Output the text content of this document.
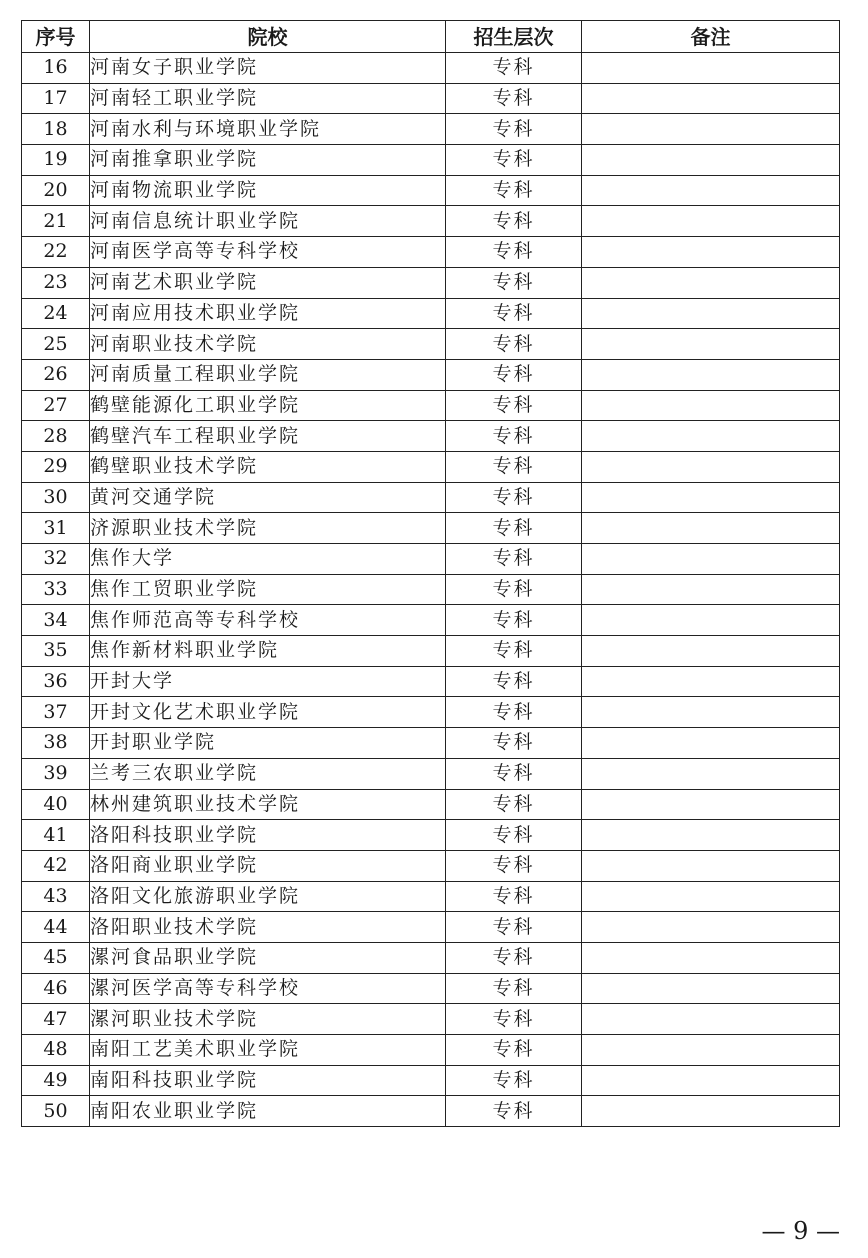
序号	院校	招生层次	备注
16	河南女子职业学院	专科	
17	河南轻工职业学院	专科	
18	河南水利与环境职业学院	专科	
19	河南推拿职业学院	专科	
20	河南物流职业学院	专科	
21	河南信息统计职业学院	专科	
22	河南医学高等专科学校	专科	
23	河南艺术职业学院	专科	
24	河南应用技术职业学院	专科	
25	河南职业技术学院	专科	
26	河南质量工程职业学院	专科	
27	鹤壁能源化工职业学院	专科	
28	鹤壁汽车工程职业学院	专科	
29	鹤壁职业技术学院	专科	
30	黄河交通学院	专科	
31	济源职业技术学院	专科	
32	焦作大学	专科	
33	焦作工贸职业学院	专科	
34	焦作师范高等专科学校	专科	
35	焦作新材料职业学院	专科	
36	开封大学	专科	
37	开封文化艺术职业学院	专科	
38	开封职业学院	专科	
39	兰考三农职业学院	专科	
40	林州建筑职业技术学院	专科	
41	洛阳科技职业学院	专科	
42	洛阳商业职业学院	专科	
43	洛阳文化旅游职业学院	专科	
44	洛阳职业技术学院	专科	
45	漯河食品职业学院	专科	
46	漯河医学高等专科学校	专科	
47	漯河职业技术学院	专科	
48	南阳工艺美术职业学院	专科	
49	南阳科技职业学院	专科	
50	南阳农业职业学院	专科	
— 9 —
